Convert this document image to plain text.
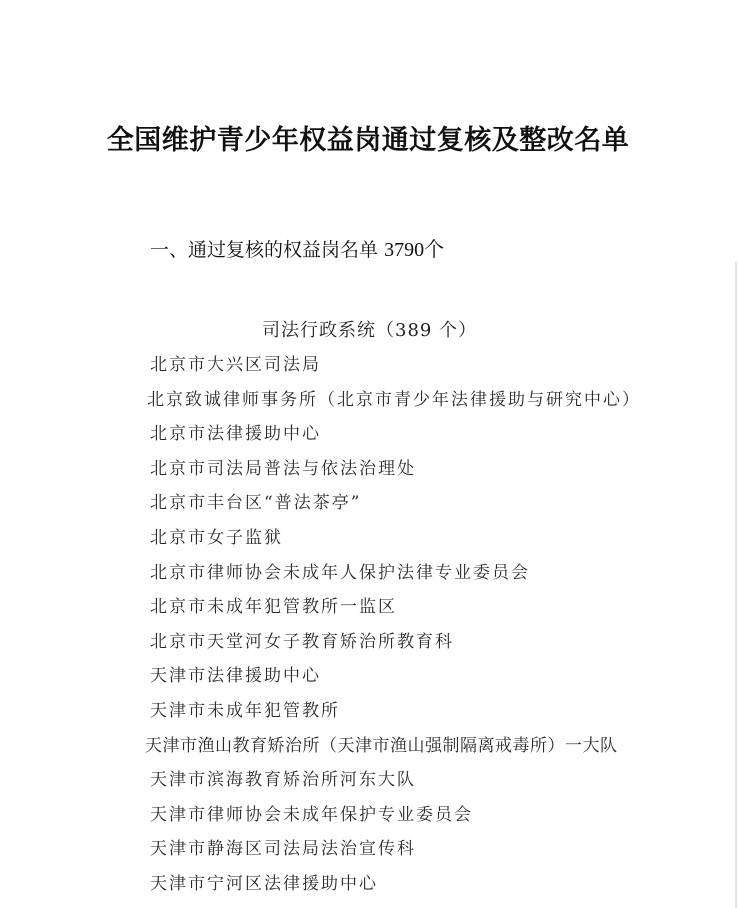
全国维护青少年权益岗通过复核及整改名单
一、通过复核的权益岗名单 3790个
司法行政系统（389 个）
北京市大兴区司法局
北京致诚律师事务所（北京市青少年法律援助与研究中心）
北京市法律援助中心
北京市司法局普法与依法治理处
北京市丰台区“普法茶亭”
北京市女子监狱
北京市律师协会未成年人保护法律专业委员会
北京市未成年犯管教所一监区
北京市天堂河女子教育矫治所教育科
天津市法律援助中心
天津市未成年犯管教所
天津市渔山教育矫治所（天津市渔山强制隔离戒毒所）一大队
天津市滨海教育矫治所河东大队
天津市律师协会未成年保护专业委员会
天津市静海区司法局法治宣传科
天津市宁河区法律援助中心
